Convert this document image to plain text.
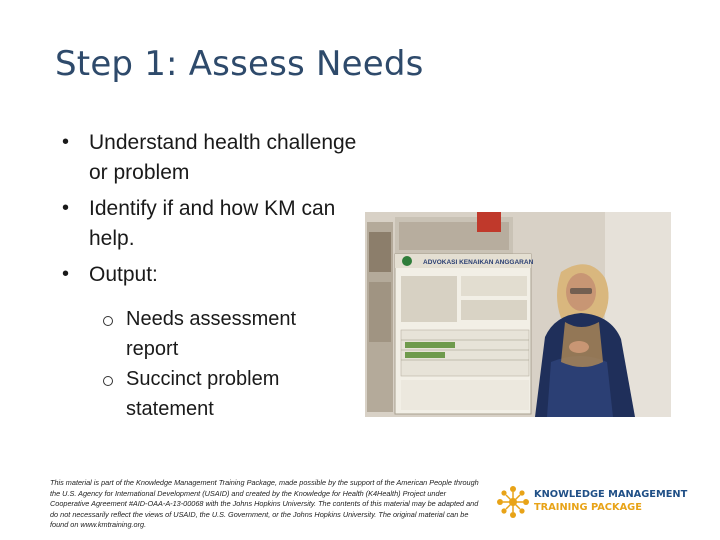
Step 1: Assess Needs
• Understand health challenge or problem
• Identify if and how KM can help.
• Output:
Needs assessment report
Succinct problem statement
ADVOKASI KENAIKAN ANGGARAN
This material is part of the Knowledge Management Training Package, made possible by the support of the American People through the U.S. Agency for International Development (USAID) and created by the Knowledge for Health (K4Health) Project under Cooperative Agreement #AID-OAA-A-13-00068 with the Johns Hopkins University. The contents of this material may be adapted and do not necessarily reflect the views of USAID, the U.S. Government, or the Johns Hopkins University. The original material can be found on www.kmtraining.org.
KNOWLEDGE MANAGEMENT
TRAINING PACKAGE
